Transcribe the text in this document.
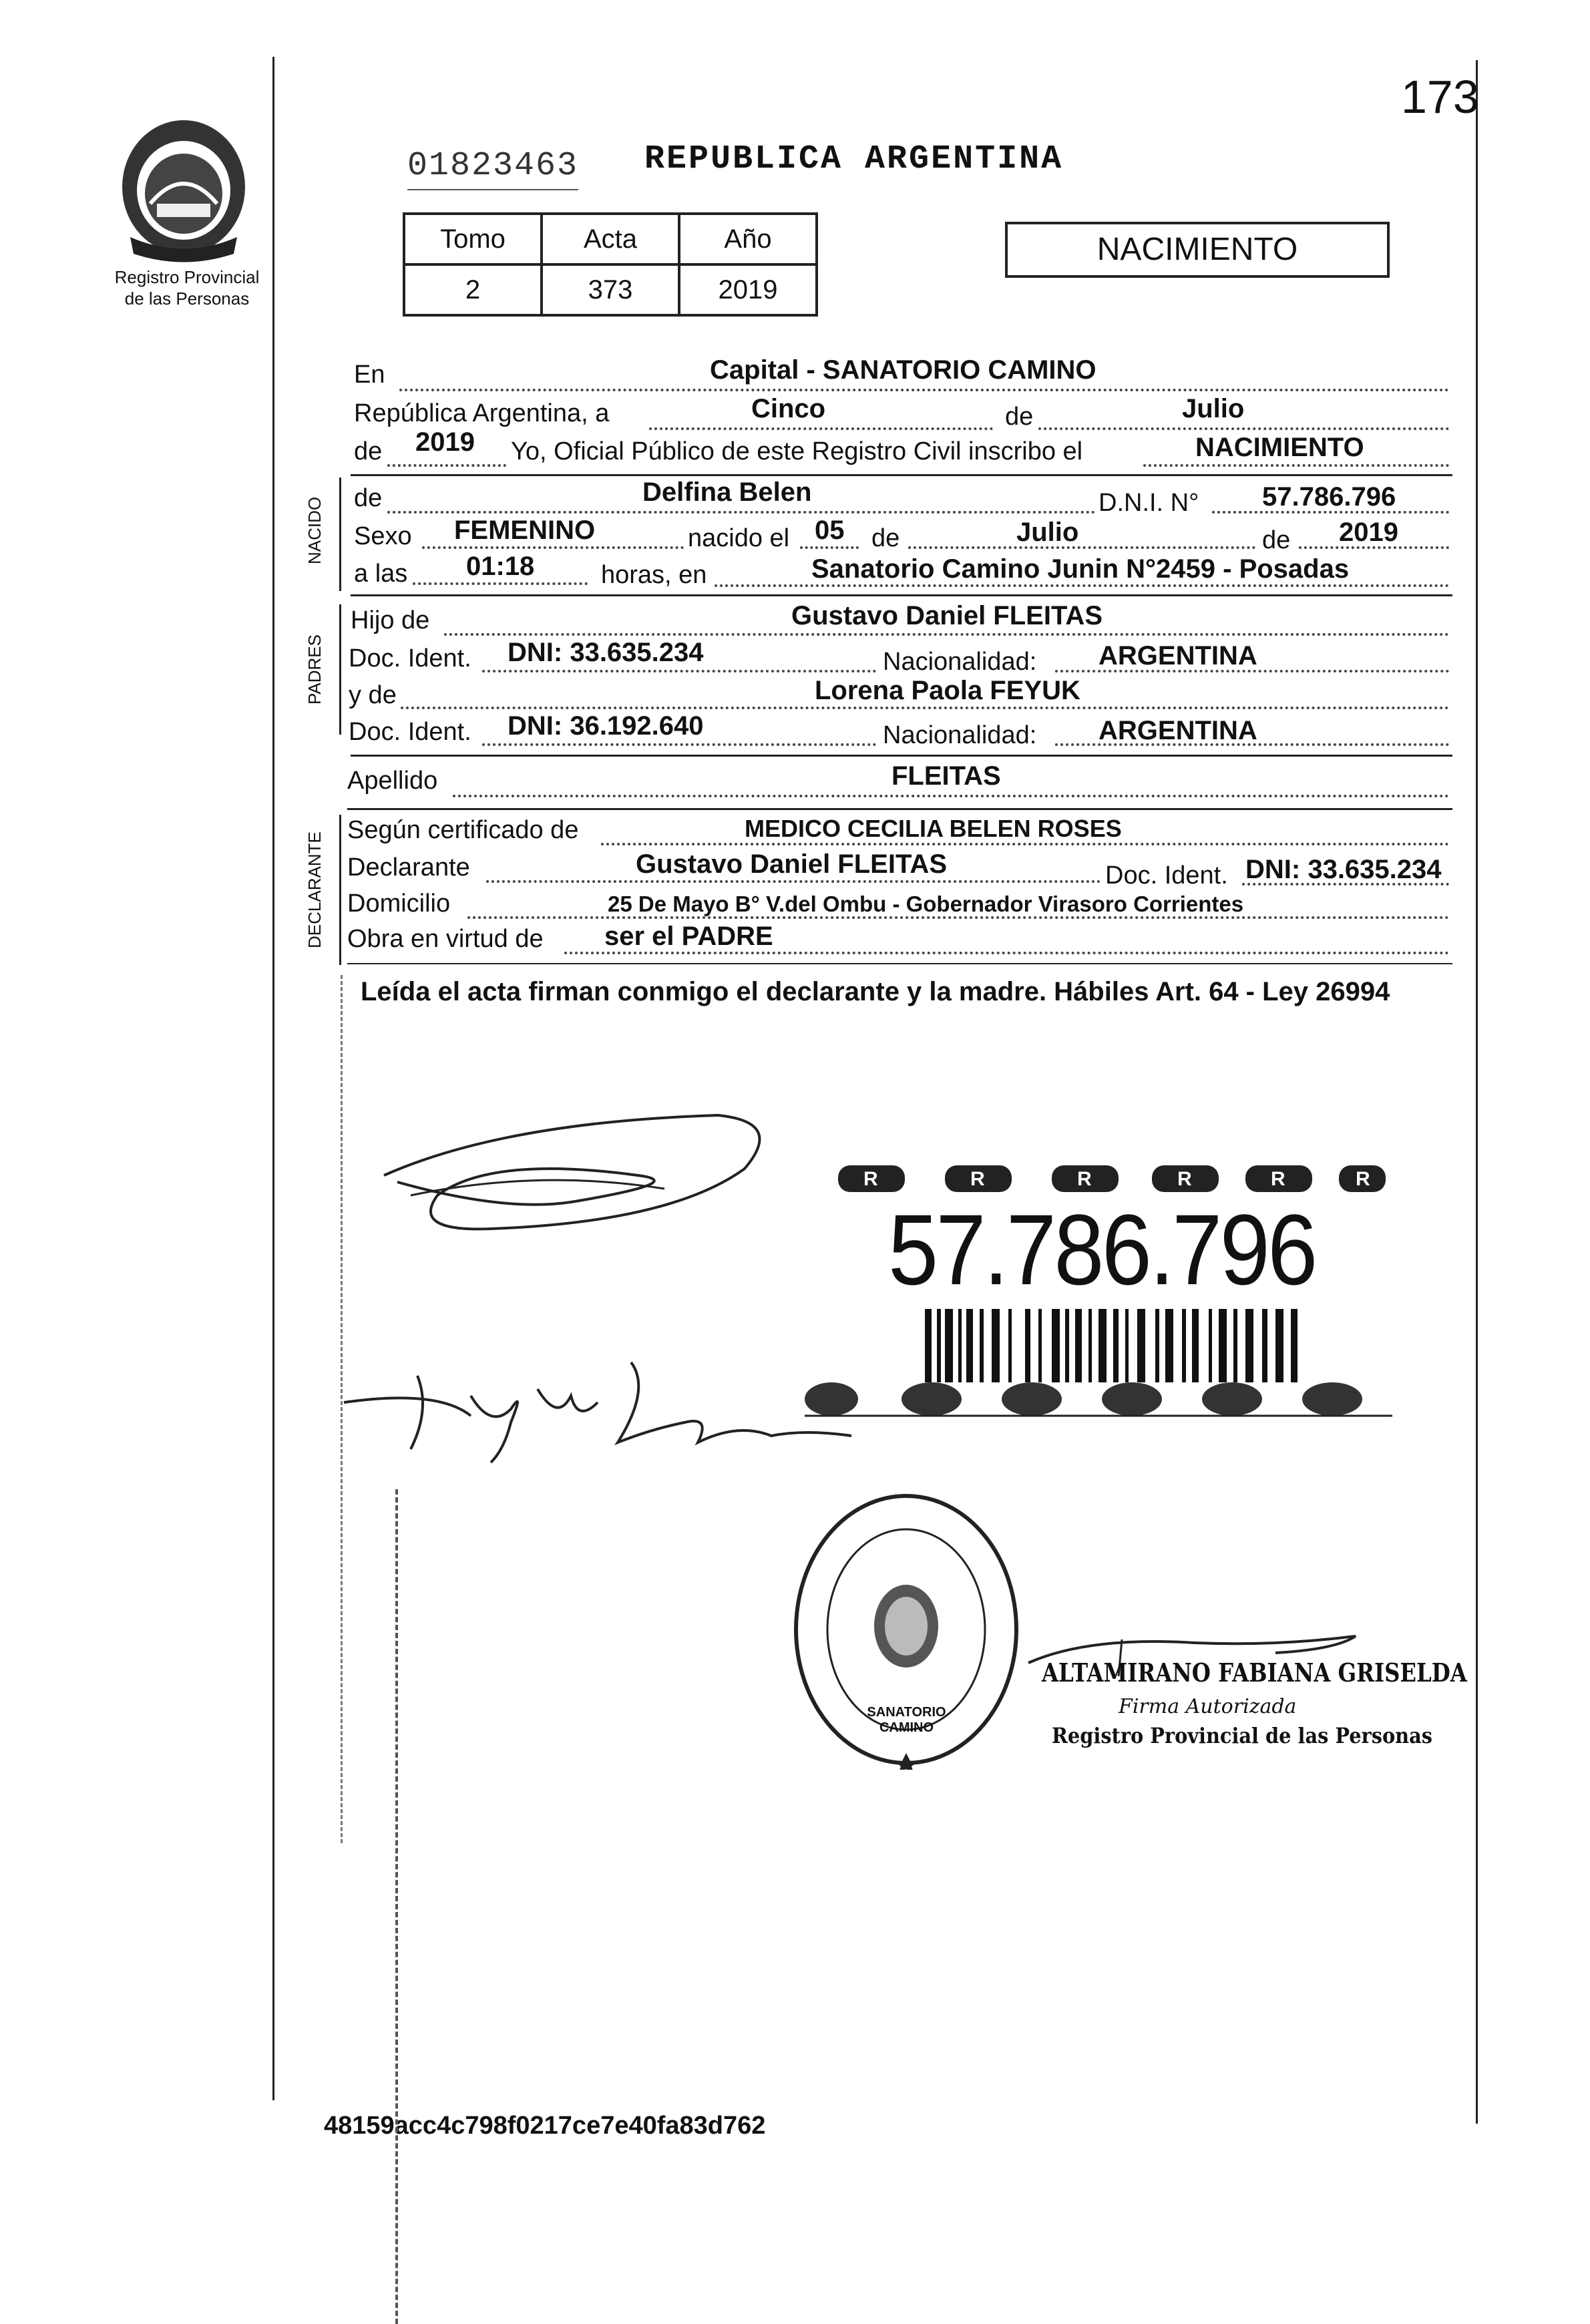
173
Registro Provincial
de las Personas
01823463 REPUBLICA ARGENTINA
Tomo	Acta	Año
2	373	2019
NACIMIENTO
NACIDO
PADRES
DECLARANTE
En	Capital - SANATORIO CAMINO
República Argentina, a	Cinco	de	Julio
de 2019 Yo, Oficial Público de este Registro Civil inscribo el	NACIMIENTO
de	Delfina Belen	D.N.I. N° 57.786.796
Sexo FEMENINO	nacido el 05 de	Julio	de 2019
a las 01:18	horas, en	Sanatorio Camino Junin N°2459 - Posadas
Hijo de	Gustavo Daniel FLEITAS
Doc. Ident. DNI: 33.635.234	Nacionalidad: ARGENTINA
y de	Lorena Paola FEYUK
Doc. Ident. DNI: 36.192.640	Nacionalidad: ARGENTINA
Apellido	FLEITAS
Según certificado de	MEDICO CECILIA BELEN ROSES
Declarante	Gustavo Daniel FLEITAS	Doc. Ident. DNI: 33.635.234
Domicilio	25 De Mayo B° V.del Ombu - Gobernador Virasoro Corrientes
Obra en virtud de ser el PADRE
Leída el acta firman conmigo el declarante y la madre. Hábiles Art. 64 - Ley 26994
R	R	R	R	R	R
57.786.796
SANATORIO CAMINO
ALTAMIRANO FABIANA GRISELDA
Firma Autorizada
Registro Provincial de las Personas
48159acc4c798f0217ce7e40fa83d762
